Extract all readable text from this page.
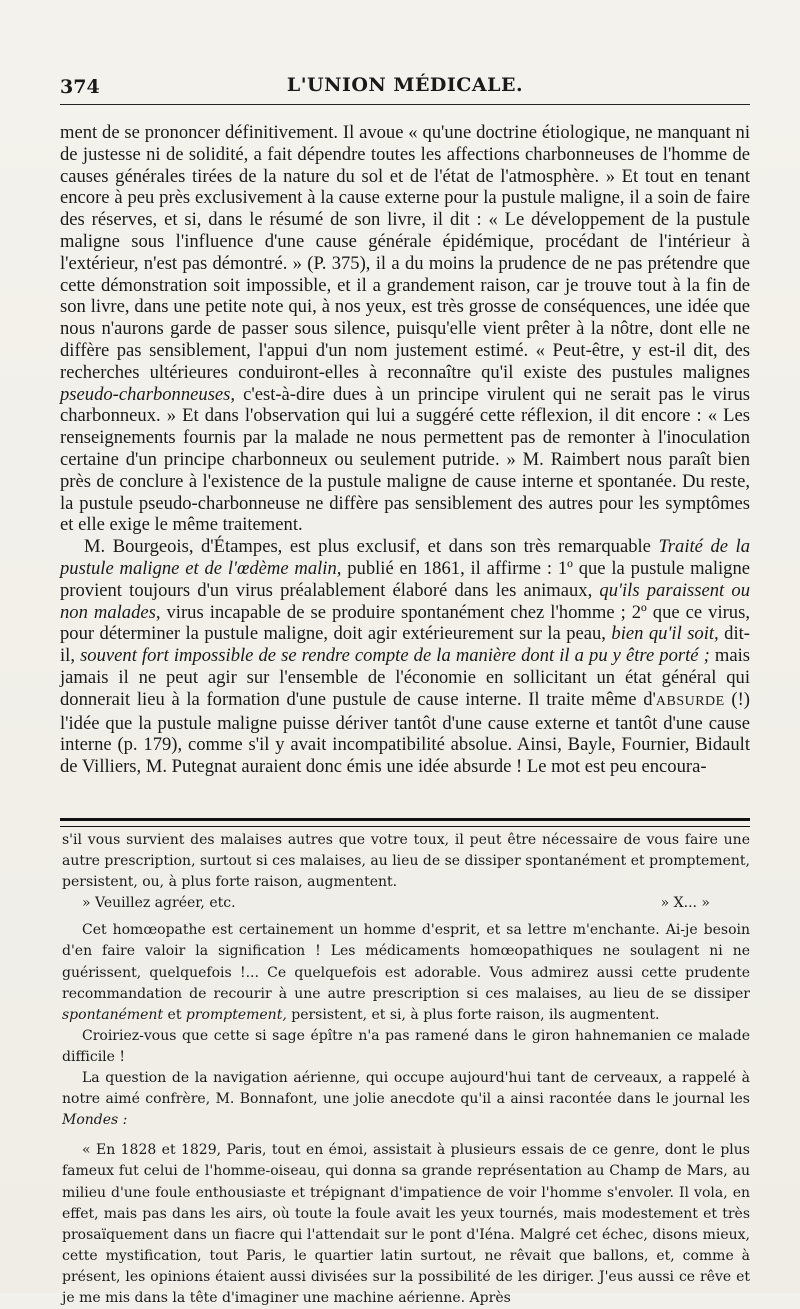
374	L'UNION MÉDICALE.

ment de se prononcer définitivement. Il avoue « qu'une doctrine étiologique, ne manquant ni de justesse ni de solidité, a fait dépendre toutes les affections charbonneuses de l'homme de causes générales tirées de la nature du sol et de l'état de l'atmosphère. » Et tout en tenant encore à peu près exclusivement à la cause externe pour la pustule maligne, il a soin de faire des réserves, et si, dans le résumé de son livre, il dit : « Le développement de la pustule maligne sous l'influence d'une cause générale épidémique, procédant de l'intérieur à l'extérieur, n'est pas démontré. » (P. 375), il a du moins la prudence de ne pas prétendre que cette démonstration soit impossible, et il a grandement raison, car je trouve tout à la fin de son livre, dans une petite note qui, à nos yeux, est très grosse de conséquences, une idée que nous n'aurons garde de passer sous silence, puisqu'elle vient prêter à la nôtre, dont elle ne diffère pas sensiblement, l'appui d'un nom justement estimé. « Peut-être, y est-il dit, des recherches ultérieures conduiront-elles à reconnaître qu'il existe des pustules malignes pseudo-charbonneuses, c'est-à-dire dues à un principe virulent qui ne serait pas le virus charbonneux. » Et dans l'observation qui lui a suggéré cette réflexion, il dit encore : « Les renseignements fournis par la malade ne nous permettent pas de remonter à l'inoculation certaine d'un principe charbonneux ou seulement putride. » M. Raimbert nous paraît bien près de conclure à l'existence de la pustule maligne de cause interne et spontanée. Du reste, la pustule pseudo-charbonneuse ne diffère pas sensiblement des autres pour les symptômes et elle exige le même traitement.

M. Bourgeois, d'Étampes, est plus exclusif, et dans son très remarquable Traité de la pustule maligne et de l'œdème malin, publié en 1861, il affirme : 1º que la pustule maligne provient toujours d'un virus préalablement élaboré dans les animaux, qu'ils paraissent ou non malades, virus incapable de se produire spontanément chez l'homme ; 2º que ce virus, pour déterminer la pustule maligne, doit agir extérieurement sur la peau, bien qu'il soit, dit-il, souvent fort impossible de se rendre compte de la manière dont il a pu y être porté ; mais jamais il ne peut agir sur l'ensemble de l'économie en sollicitant un état général qui donnerait lieu à la formation d'une pustule de cause interne. Il traite même d'ABSURDE (!) l'idée que la pustule maligne puisse dériver tantôt d'une cause externe et tantôt d'une cause interne (p. 179), comme s'il y avait incompatibilité absolue. Ainsi, Bayle, Fournier, Bidault de Villiers, M. Putegnat auraient donc émis une idée absurde ! Le mot est peu encoura-

s'il vous survient des malaises autres que votre toux, il peut être nécessaire de vous faire une autre prescription, surtout si ces malaises, au lieu de se dissiper spontanément et promptement, persistent, ou, à plus forte raison, augmentent.

» Veuillez agréer, etc.	» X... »

Cet homœopathe est certainement un homme d'esprit, et sa lettre m'enchante. Ai-je besoin d'en faire valoir la signification ! Les médicaments homœopathiques ne soulagent ni ne guérissent, quelquefois !... Ce quelquefois est adorable. Vous admirez aussi cette prudente recommandation de recourir à une autre prescription si ces malaises, au lieu de se dissiper spontanément et promptement, persistent, et si, à plus forte raison, ils augmentent.

Croiriez-vous que cette si sage épître n'a pas ramené dans le giron hahnemanien ce malade difficile !

La question de la navigation aérienne, qui occupe aujourd'hui tant de cerveaux, a rappelé à notre aimé confrère, M. Bonnafont, une jolie anecdote qu'il a ainsi racontée dans le journal les Mondes :

« En 1828 et 1829, Paris, tout en émoi, assistait à plusieurs essais de ce genre, dont le plus fameux fut celui de l'homme-oiseau, qui donna sa grande représentation au Champ de Mars, au milieu d'une foule enthousiaste et trépignant d'impatience de voir l'homme s'envoler. Il vola, en effet, mais pas dans les airs, où toute la foule avait les yeux tournés, mais modestement et très prosaïquement dans un fiacre qui l'attendait sur le pont d'Iéna. Malgré cet échec, disons mieux, cette mystification, tout Paris, le quartier latin surtout, ne rêvait que ballons, et, comme à présent, les opinions étaient aussi divisées sur la possibilité de les diriger. J'eus aussi ce rêve et je me mis dans la tête d'imaginer une machine aérienne. Après
